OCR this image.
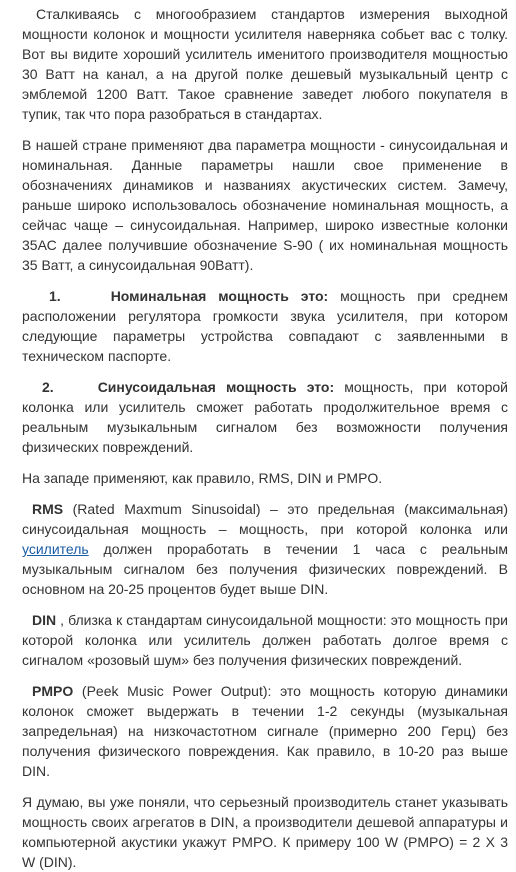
Сталкиваясь с многообразием стандартов измерения выходной мощности колонок и мощности усилителя наверняка собьет вас с толку. Вот вы видите хороший усилитель именитого производителя мощностью 30 Ватт на канал, а на другой полке дешевый музыкальный центр с эмблемой 1200 Ватт. Такое сравнение заведет любого покупателя в тупик, так что пора разобраться в стандартах.

В нашей стране применяют два параметра мощности - синусоидальная и номинальная. Данные параметры нашли свое применение в обозначениях динамиков и названиях акустических систем. Замечу, раньше широко использовалось обозначение номинальная мощность, а сейчас чаще – синусоидальная. Например, широко известные колонки 35АС далее получившие обозначение S-90 ( их номинальная мощность 35 Ватт, а синусоидальная 90Ватт).

1.	Номинальная мощность это: мощность при среднем расположении регулятора громкости звука усилителя, при котором следующие параметры устройства совпадают с заявленными в техническом паспорте.

2.	Синусоидальная мощность это: мощность, при которой колонка или усилитель сможет работать продолжительное время с реальным музыкальным сигналом без возможности получения физических повреждений.

На западе применяют, как правило, RMS, DIN и PMPO.

RMS (Rated Maxmum Sinusoidal) – это предельная (максимальная) синусоидальная мощность – мощность, при которой колонка или усилитель должен проработать в течении 1 часа с реальным музыкальным сигналом без получения физических повреждений. В основном на 20-25 процентов будет выше DIN.

DIN , близка к стандартам синусоидальной мощности: это мощность при которой колонка или усилитель должен работать долгое время с сигналом «розовый шум» без получения физических повреждений.

PMPO (Peek Music Power Output): это мощность которую динамики колонок сможет выдержать в течении 1-2 секунды (музыкальная запредельная) на низкочастотном сигнале (примерно 200 Герц) без получения физического повреждения. Как правило, в 10-20 раз выше DIN.

Я думаю, вы уже поняли, что серьезный производитель станет указывать мощность своих агрегатов в DIN, а производители дешевой аппаратуры и компьютерной акустики укажут PMPO. К примеру 100 W (PMPO) = 2 X 3 W (DIN).
